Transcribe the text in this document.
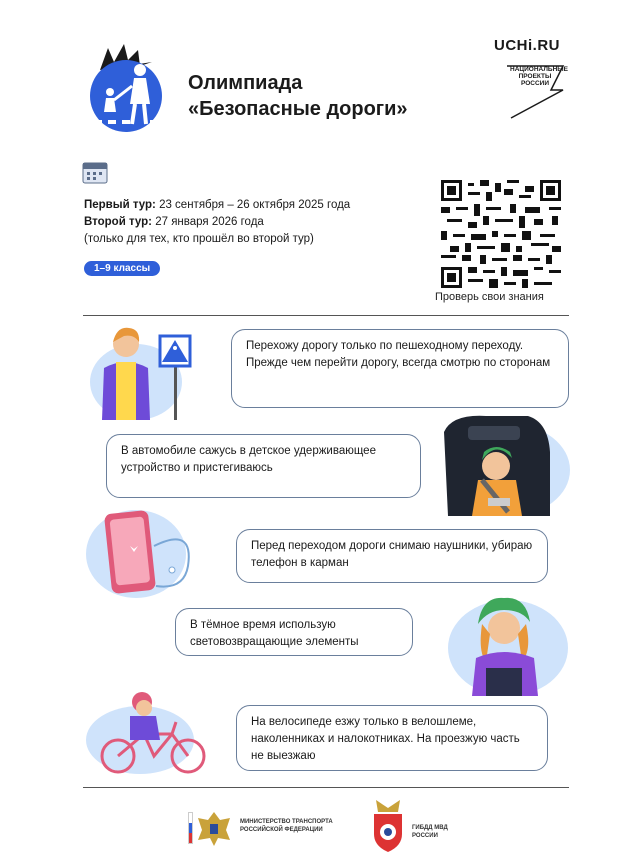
Олимпиада
«Безопасные дороги»
UCHi.RU
НАЦИОНАЛЬНЫЕ ПРОЕКТЫ РОССИИ
Первый тур: 23 сентября – 26 октября 2025 года
Второй тур: 27 января 2026 года
(только для тех, кто прошёл во второй тур)
1–9 классы
Проверь свои знания
Перехожу дорогу только по пешеходному переходу. Прежде чем перейти дорогу, всегда смотрю по сторонам
В автомобиле сажусь в детское удерживающее устройство и пристегиваюсь
Перед переходом дороги снимаю наушники, убираю телефон в карман
В тёмное время использую световозвращающие элементы
На велосипеде езжу только в велошлеме, наколенниках и налокотниках. На проезжую часть не выезжаю
МИНИСТЕРСТВО ТРАНСПОРТА РОССИЙСКОЙ ФЕДЕРАЦИИ	ГИБДД МВД РОССИИ
